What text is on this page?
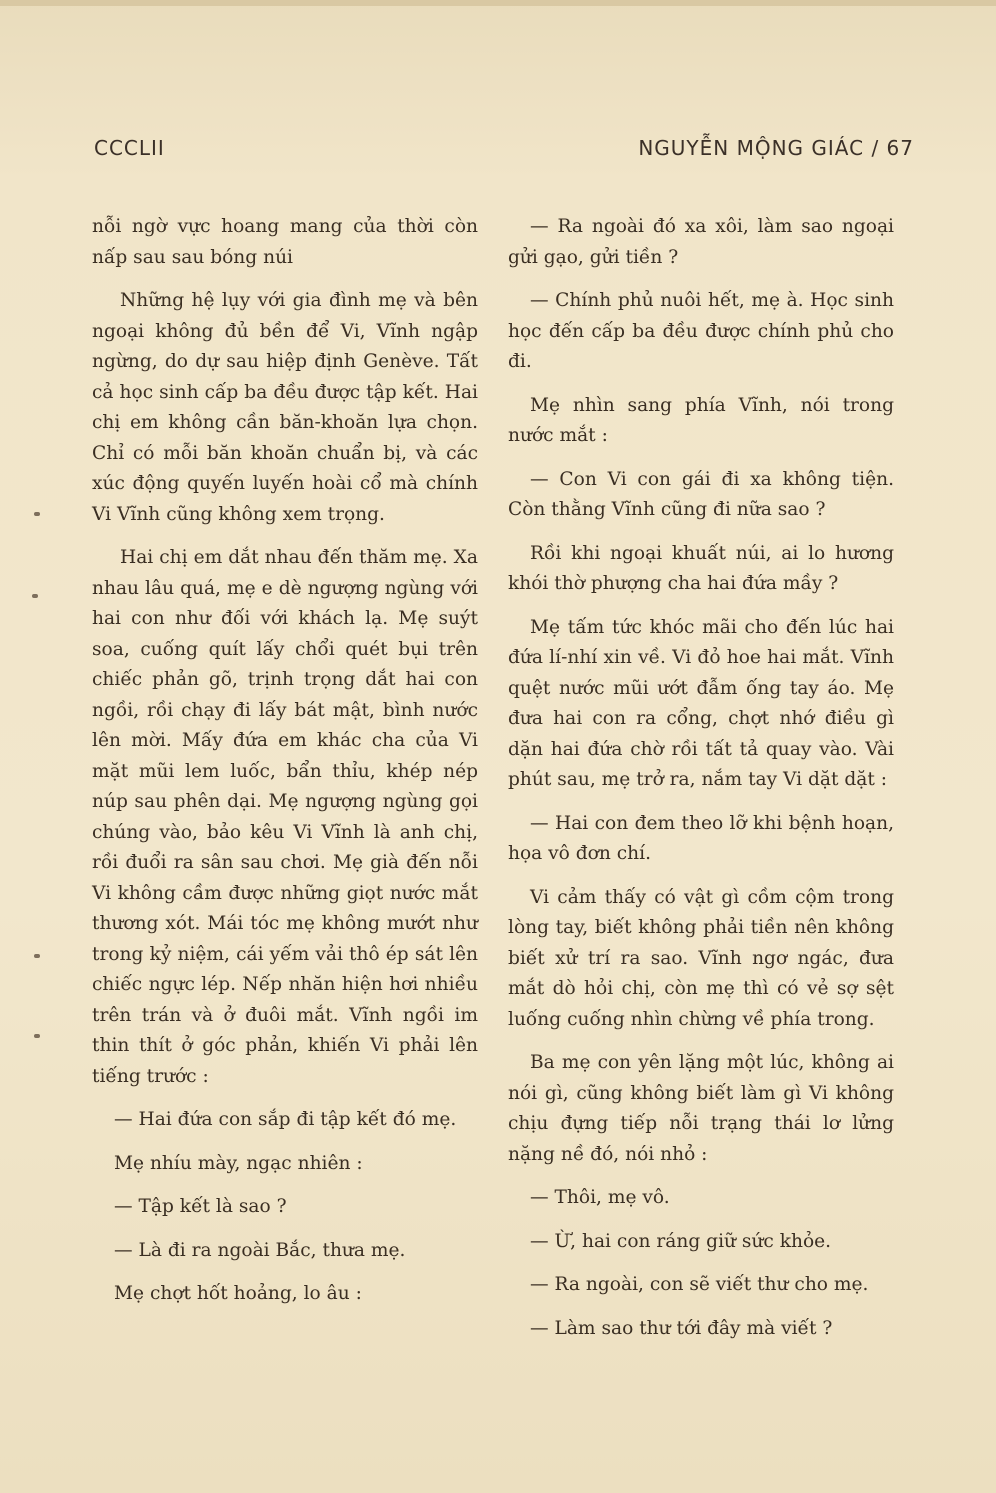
CCCLII	NGUYỄN MỘNG GIÁC / 67

nỗi ngờ vực hoang mang của thời còn nấp sau sau bóng núi

Những hệ lụy với gia đình mẹ và bên ngoại không đủ bền để Vi, Vĩnh ngập ngừng, do dự sau hiệp định Genève. Tất cả học sinh cấp ba đều được tập kết. Hai chị em không cần băn-khoăn lựa chọn. Chỉ có mỗi băn khoăn chuẩn bị, và các xúc động quyến luyến hoài cổ mà chính Vi Vĩnh cũng không xem trọng.

Hai chị em dắt nhau đến thăm mẹ. Xa nhau lâu quá, mẹ e dè ngượng ngùng với hai con như đối với khách lạ. Mẹ suýt soa, cuống quít lấy chổi quét bụi trên chiếc phản gõ, trịnh trọng dắt hai con ngồi, rồi chạy đi lấy bát mật, bình nước lên mời. Mấy đứa em khác cha của Vi mặt mũi lem luốc, bẩn thỉu, khép nép núp sau phên dại. Mẹ ngượng ngùng gọi chúng vào, bảo kêu Vi Vĩnh là anh chị, rồi đuổi ra sân sau chơi. Mẹ già đến nỗi Vi không cầm được những giọt nước mắt thương xót. Mái tóc mẹ không mướt như trong kỷ niệm, cái yếm vải thô ép sát lên chiếc ngực lép. Nếp nhăn hiện hơi nhiều trên trán và ở đuôi mắt. Vĩnh ngồi im thin thít ở góc phản, khiến Vi phải lên tiếng trước :

— Hai đứa con sắp đi tập kết đó mẹ.

Mẹ nhíu mày, ngạc nhiên :

— Tập kết là sao ?

— Là đi ra ngoài Bắc, thưa mẹ.

Mẹ chợt hốt hoảng, lo âu :

— Ra ngoài đó xa xôi, làm sao ngoại gửi gạo, gửi tiền ?

— Chính phủ nuôi hết, mẹ à. Học sinh học đến cấp ba đều được chính phủ cho đi.

Mẹ nhìn sang phía Vĩnh, nói trong nước mắt :

— Con Vi con gái đi xa không tiện. Còn thằng Vĩnh cũng đi nữa sao ?

Rồi khi ngoại khuất núi, ai lo hương khói thờ phượng cha hai đứa mầy ?

Mẹ tấm tức khóc mãi cho đến lúc hai đứa lí-nhí xin về. Vi đỏ hoe hai mắt. Vĩnh quệt nước mũi ướt đẫm ống tay áo. Mẹ đưa hai con ra cổng, chợt nhớ điều gì dặn hai đứa chờ rồi tất tả quay vào. Vài phút sau, mẹ trở ra, nắm tay Vi dặt dặt :

— Hai con đem theo lỡ khi bệnh hoạn, họa vô đơn chí.

Vi cảm thấy có vật gì cồm cộm trong lòng tay, biết không phải tiền nên không biết xử trí ra sao. Vĩnh ngơ ngác, đưa mắt dò hỏi chị, còn mẹ thì có vẻ sợ sệt luống cuống nhìn chừng về phía trong.

Ba mẹ con yên lặng một lúc, không ai nói gì, cũng không biết làm gì Vi không chịu đựng tiếp nỗi trạng thái lơ lửng nặng nề đó, nói nhỏ :

— Thôi, mẹ vô.

— Ừ, hai con ráng giữ sức khỏe.

— Ra ngoài, con sẽ viết thư cho mẹ.

— Làm sao thư tới đây mà viết ?
